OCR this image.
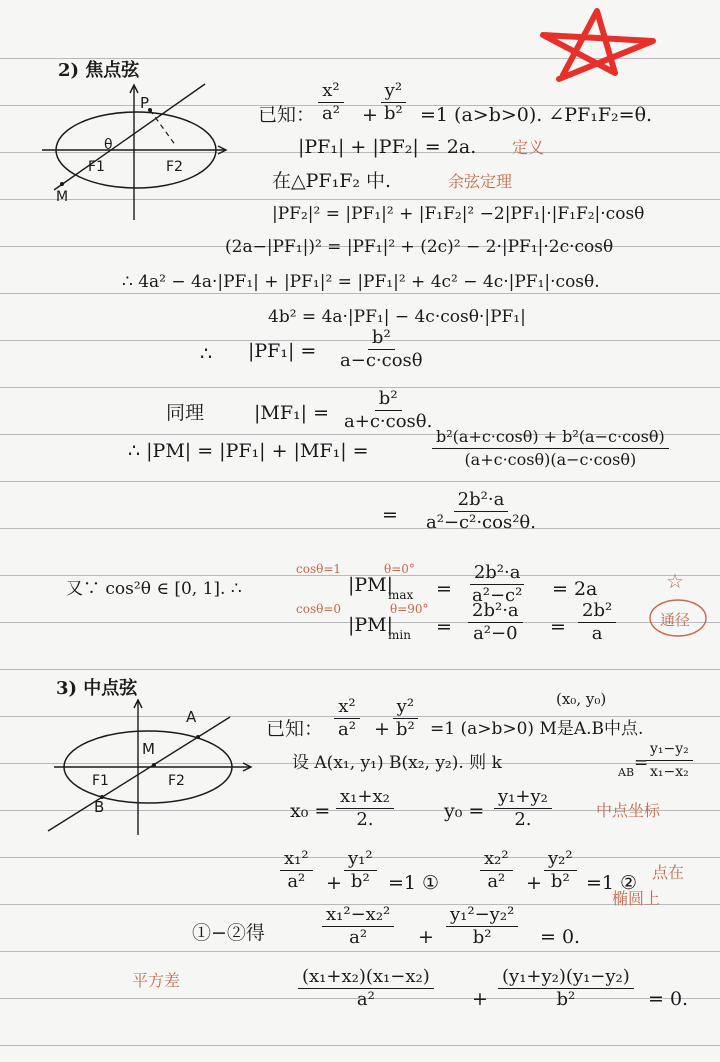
2) 焦点弦
P
θ
F1	F2
M
已知： $\frac{\text{x²}}{\text{a²}} + \frac{\text{y²}}{\text{b²}} =1$ (a>b>0). ∠PF₁F₂=θ.
|PF₁| + |PF₂| = 2a. 定义
在△PF₁F₂ 中.	余弦定理
|PF₂|² = |PF₁|² + |F₁F₂|² −2|PF₁|·|F₁F₂|·cosθ
(2a−|PF₁|)² = |PF₁|² + (2c)² − 2·|PF₁|·2c·cosθ
∴ 4a² − 4a·|PF₁| + |PF₁|² = |PF₁|² + 4c² − 4c·|PF₁|·cosθ.
4b² = 4a·|PF₁| − 4c·cosθ·|PF₁|
∴ $|PF_1| = \frac{\text{b²}}{a-c\cdot\cos\theta}$
同理	$|MF_1| = \frac{\text{b²}}{a+c\cdot\cos\theta.}$
∴ |PM| = |PF₁| + |MF₁| =	$\frac{\text{b²(a+c·cosθ) + b²(a−c·cosθ)}}{(a+c\cdot\cos\theta)(a-c\cdot\cos\theta)}$
= $\frac{\text{2b²·a}}{\text{a²−c²·cos²θ.}}$
又∵ cos²θ ∈ [0, 1]. ∴
cosθ=1	θ=0°
cosθ=0	θ=90°
|PM|
$\max = \frac{\text{2b²·a}}{\text{a²−c²}} = 2a$
|PM|
$\min = \frac{\text{2b²·a}}{\text{a²−0}} = \frac{\text{2b²}}{a}$
☆
通径
3) 中点弦
A
M
F1	F2
B
(x₀, y₀)
已知： $\frac{\text{x²}}{\text{a²}} + \frac{\text{y²}}{\text{b²}} =1$ (a>b>0) M是A.B中点.
设 A(x₁, y₁) B(x₂, y₂). 则 k	AB =
$\frac{\text{y₁−y₂}}{\text{x₁−x₂}}$
$x_0 = \frac{\text{x₁+x₂}}{2.}$	$y_0 = \frac{\text{y₁+y₂}}{2.}$	中点坐标
$\frac{\text{x₁²}}{\text{a²}} + \frac{\text{y₁²}}{\text{b²}} =1$ ① $\frac{\text{x₂²}}{\text{a²}} + \frac{\text{y₂²}}{\text{b²}} =1$ ② 点在
椭圆上
①−②得	$\frac{\text{x₁²−x₂²}}{\text{a²}} + \frac{\text{y₁²−y₂²}}{\text{b²}} = 0$.
平方差	$\frac{\text{(x₁+x₂)(x₁−x₂)}}{\text{a²}} + \frac{\text{(y₁+y₂)(y₁−y₂)}}{\text{b²}} = 0$.
